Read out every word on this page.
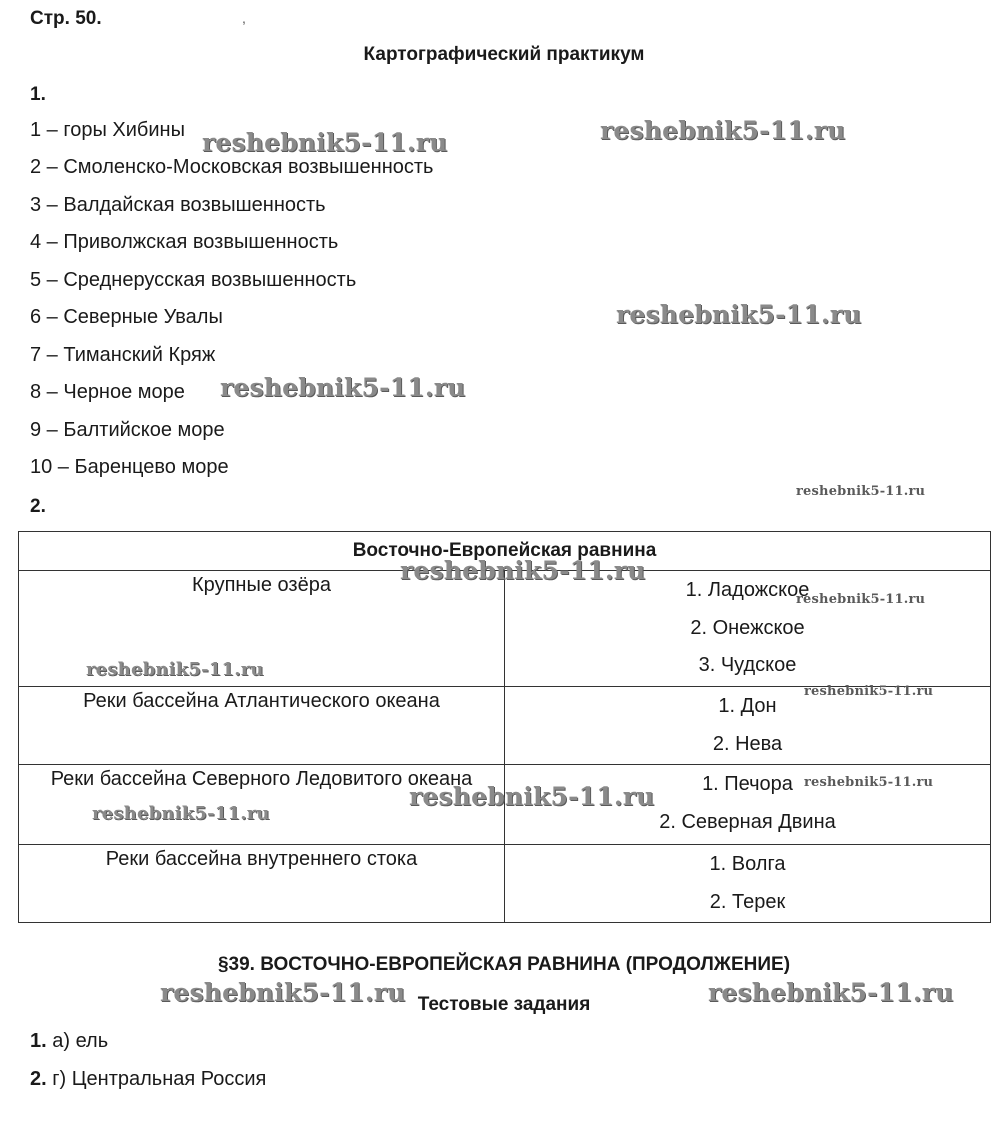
Стр. 50.	,
Картографический практикум
1.
1 – горы Хибины
2 – Смоленско-Московская возвышенность
3 – Валдайская возвышенность
4 – Приволжская возвышенность
5 – Среднерусская возвышенность
6 – Северные Увалы
7 – Тиманский Кряж
8 – Черное море
9 – Балтийское море
10 – Баренцево море
2.
Восточно-Европейская равнина	
Крупные озёра	1. Ладожское
2. Онежское
3. Чудское

Реки бассейна Атлантического океана	1. Дон
2. Нева

Реки бассейна Северного Ледовитого океана	1. Печора
2. Северная Двина

Реки бассейна внутреннего стока	1. Волга
2. Терек
§39. ВОСТОЧНО-ЕВРОПЕЙСКАЯ РАВНИНА (ПРОДОЛЖЕНИЕ)
Тестовые задания
1. а) ель
2. г) Центральная Россия
reshebnik5-11.ru	reshebnik5-11.ru
reshebnik5-11.ru
reshebnik5-11.ru
reshebnik5-11.ru
reshebnik5-11.ru
reshebnik5-11.ru
reshebnik5-11.ru
reshebnik5-11.ru
reshebnik5-11.ru
reshebnik5-11.ru
reshebnik5-11.ru
reshebnik5-11.ru	reshebnik5-11.ru
